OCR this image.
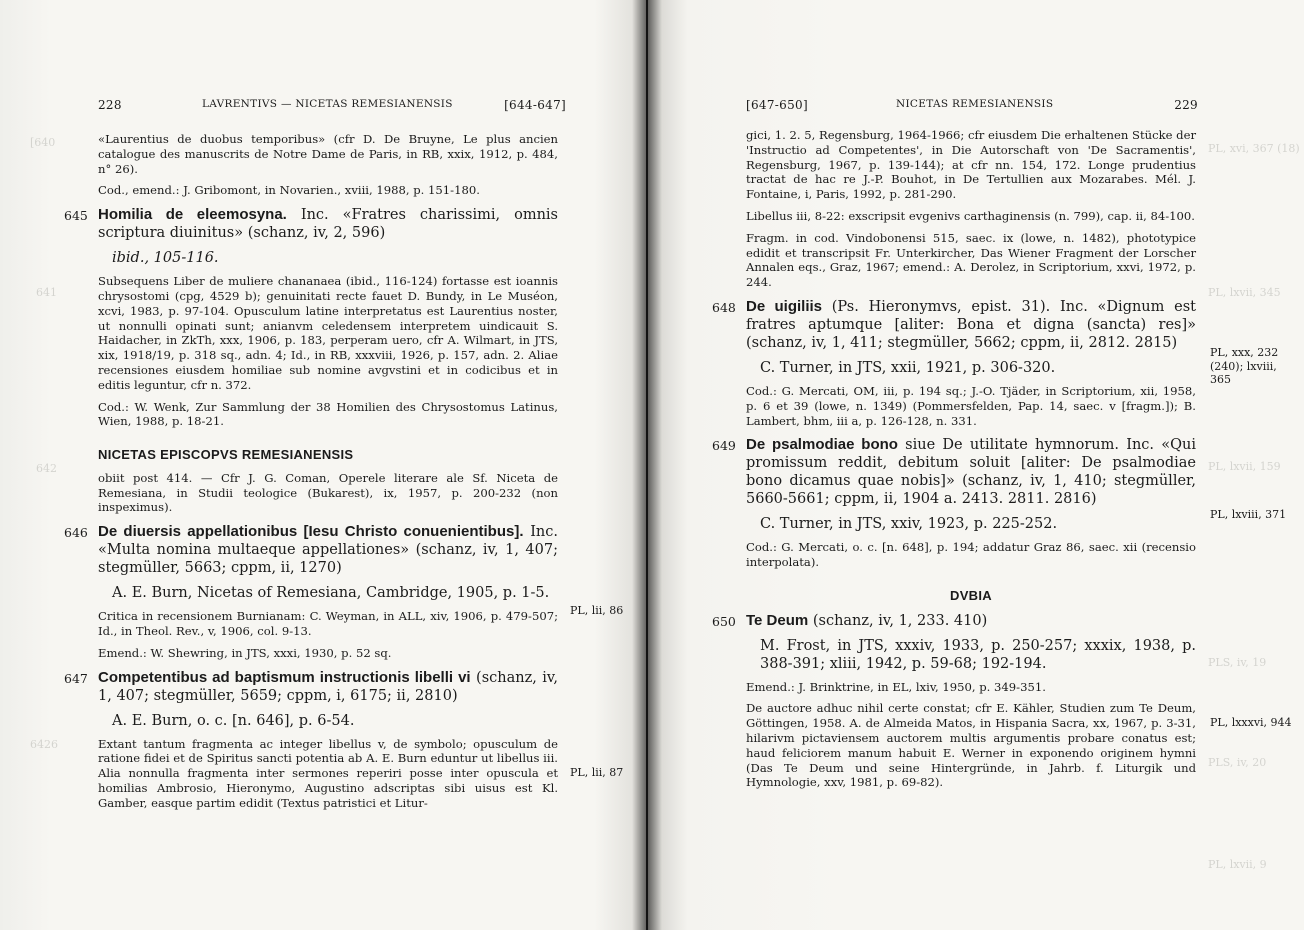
[640
641
642
6426
228	LAVRENTIVS — NICETAS REMESIANENSIS	[644-647]

«Laurentius de duobus temporibus» (cfr D. De Bruyne, Le plus ancien catalogue des manuscrits de Notre Dame de Paris, in RB, xxix, 1912, p. 484, n° 26).

Cod., emend.: J. Gribomont, in Novarien., xviii, 1988, p. 151-180.

645 Homilia de eleemosyna. Inc. «Fratres charissimi, omnis scriptura diuinitus» (schanz, iv, 2, 596)

ibid., 105-116.

Subsequens Liber de muliere chananaea (ibid., 116-124) fortasse est ioannis chrysostomi (cpg, 4529 b); genuinitati recte fauet D. Bundy, in Le Muséon, xcvi, 1983, p. 97-104. Opusculum latine interpretatus est Laurentius noster, ut nonnulli opinati sunt; anianvm celedensem interpretem uindicauit S. Haidacher, in ZkTh, xxx, 1906, p. 183, perperam uero, cfr A. Wilmart, in JTS, xix, 1918/19, p. 318 sq., adn. 4; Id., in RB, xxxviii, 1926, p. 157, adn. 2. Aliae recensiones eiusdem homiliae sub nomine avgvstini et in codicibus et in editis leguntur, cfr n. 372.

Cod.: W. Wenk, Zur Sammlung der 38 Homilien des Chrysostomus Latinus, Wien, 1988, p. 18-21.

NICETAS EPISCOPVS REMESIANENSIS

obiit post 414. — Cfr J. G. Coman, Operele literare ale Sf. Niceta de Remesiana, in Studii teologice (Bukarest), ix, 1957, p. 200-232 (non inspeximus).

646 De diuersis appellationibus [Iesu Christo conuenientibus]. Inc. «Multa nomina multaeque appellationes» (schanz, iv, 1, 407; stegmüller, 5663; cppm, ii, 1270)

A. E. Burn, Nicetas of Remesiana, Cambridge, 1905, p. 1-5.

Critica in recensionem Burnianam: C. Weyman, in ALL, xiv, 1906, p. 479-507; Id., in Theol. Rev., v, 1906, col. 9-13.

Emend.: W. Shewring, in JTS, xxxi, 1930, p. 52 sq.

647 Competentibus ad baptismum instructionis libelli vi (schanz, iv, 1, 407; stegmüller, 5659; cppm, i, 6175; ii, 2810)

A. E. Burn, o. c. [n. 646], p. 6-54.

Extant tantum fragmenta ac integer libellus v, de symbolo; opusculum de ratione fidei et de Spiritus sancti potentia ab A. E. Burn eduntur ut libellus iii. Alia nonnulla fragmenta inter sermones reperiri posse inter opuscula et homilias Ambrosio, Hieronymo, Augustino adscriptas sibi uisus est Kl. Gamber, easque partim edidit (Textus patristici et Litur-

PL, lii, 86
PL, lii, 87
PL, xvi, 367 (18)
PL, lxvii, 345
PL, lxvii, 159
PLS, iv, 19
PLS, iv, 20
PL, lxvii, 9
[647-650]	NICETAS REMESIANENSIS	229

gici, 1. 2. 5, Regensburg, 1964-1966; cfr eiusdem Die erhaltenen Stücke der 'Instructio ad Competentes', in Die Autorschaft von 'De Sacramentis', Regensburg, 1967, p. 139-144); at cfr nn. 154, 172. Longe prudentius tractat de hac re J.-P. Bouhot, in De Tertullien aux Mozarabes. Mél. J. Fontaine, i, Paris, 1992, p. 281-290.

Libellus iii, 8-22: exscripsit evgenivs carthaginensis (n. 799), cap. ii, 84-100.

Fragm. in cod. Vindobonensi 515, saec. ix (lowe, n. 1482), phototypice edidit et transcripsit Fr. Unterkircher, Das Wiener Fragment der Lorscher Annalen eqs., Graz, 1967; emend.: A. Derolez, in Scriptorium, xxvi, 1972, p. 244.

648 De uigiliis (Ps. Hieronymvs, epist. 31). Inc. «Dignum est fratres aptumque [aliter: Bona et digna (sancta) res]» (schanz, iv, 1, 411; stegmüller, 5662; cppm, ii, 2812. 2815)

C. Turner, in JTS, xxii, 1921, p. 306-320.

Cod.: G. Mercati, OM, iii, p. 194 sq.; J.-O. Tjäder, in Scriptorium, xii, 1958, p. 6 et 39 (lowe, n. 1349) (Pommersfelden, Pap. 14, saec. v [fragm.]); B. Lambert, bhm, iii a, p. 126-128, n. 331.

649 De psalmodiae bono siue De utilitate hymnorum. Inc. «Qui promissum reddit, debitum soluit [aliter: De psalmodiae bono dicamus quae nobis]» (schanz, iv, 1, 410; stegmüller, 5660-5661; cppm, ii, 1904 a. 2413. 2811. 2816)

C. Turner, in JTS, xxiv, 1923, p. 225-252.

Cod.: G. Mercati, o. c. [n. 648], p. 194; addatur Graz 86, saec. xii (recensio interpolata).

DVBIA
650 Te Deum (schanz, iv, 1, 233. 410)

M. Frost, in JTS, xxxiv, 1933, p. 250-257; xxxix, 1938, p. 388-391; xliii, 1942, p. 59-68; 192-194.

Emend.: J. Brinktrine, in EL, lxiv, 1950, p. 349-351.

De auctore adhuc nihil certe constat; cfr E. Kähler, Studien zum Te Deum, Göttingen, 1958. A. de Almeida Matos, in Hispania Sacra, xx, 1967, p. 3-31, hilarivm pictaviensem auctorem multis argumentis probare conatus est; haud feliciorem manum habuit E. Werner in exponendo originem hymni (Das Te Deum und seine Hintergründe, in Jahrb. f. Liturgik und Hymnologie, xxv, 1981, p. 69-82).

PL, xxx, 232 (240); lxviii, 365
PL, lxviii, 371
PL, lxxxvi, 944
